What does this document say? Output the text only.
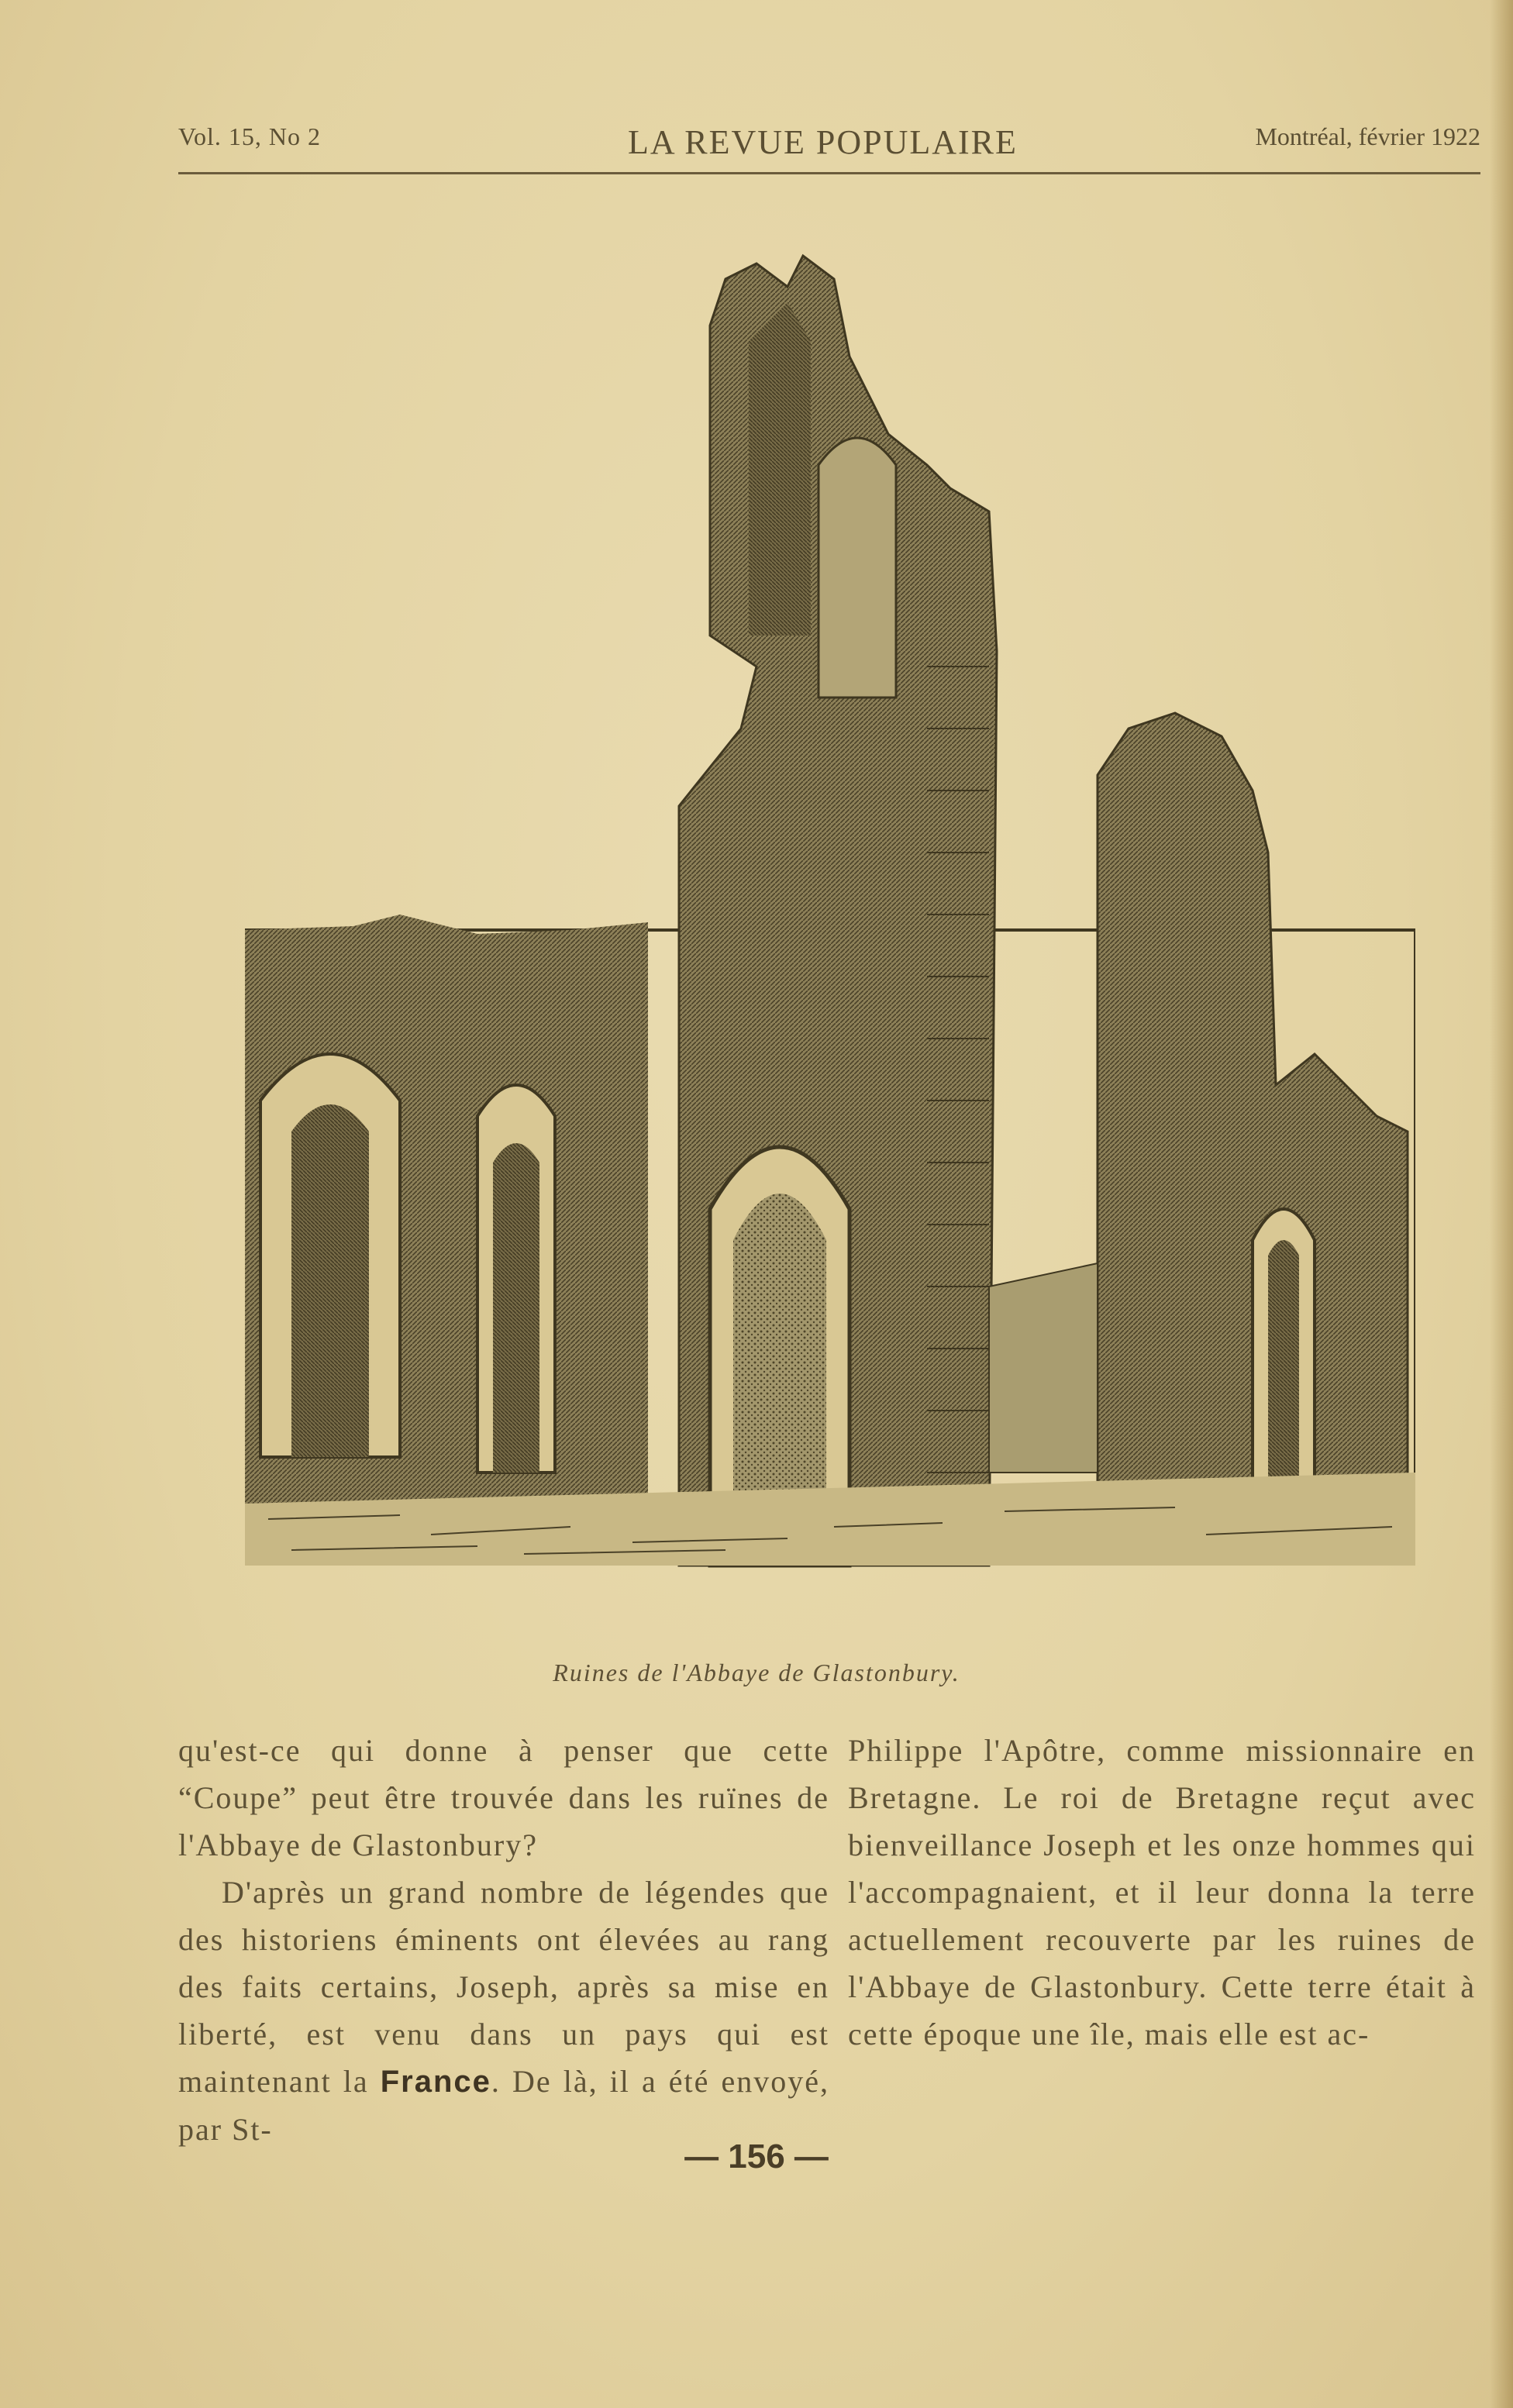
Vol. 15, No 2	LA REVUE POPULAIRE	Montréal, février 1922
Ruines de l'Abbaye de Glastonbury.

qu'est-ce qui donne à penser que cette “Coupe” peut être trouvée dans les ruïnes de l'Abbaye de Glastonbury?

D'après un grand nombre de légendes que des historiens éminents ont élevées au rang des faits certains, Joseph, après sa mise en liberté, est venu dans un pays qui est maintenant la France. De là, il a été envoyé, par St-

Philippe l'Apôtre, comme missionnaire en Bretagne. Le roi de Bretagne reçut avec bienveillance Joseph et les onze hommes qui l'accompagnaient, et il leur donna la terre actuellement recouverte par les ruines de l'Abbaye de Glastonbury. Cette terre était à cette époque une île, mais elle est ac-

— 156 —
